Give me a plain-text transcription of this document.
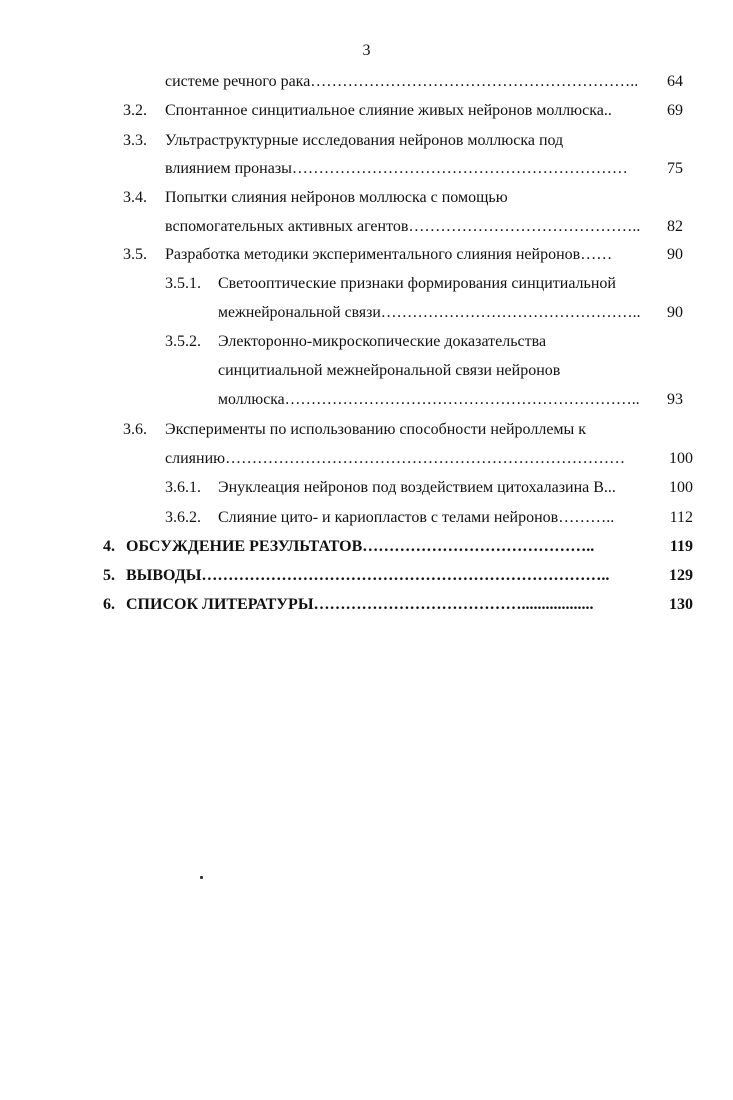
3
системе речного рака……………………………………………………..	64
3.2. Спонтанное синцитиальное слияние живых нейронов моллюска..	69
3.3. Ультраструктурные исследования нейронов моллюска под
влиянием проназы………………………………………………………	75
3.4. Попытки слияния нейронов моллюска с помощью
вспомогательных активных агентов……………………………………..	82
3.5. Разработка методики экспериментального слияния нейронов……	90
3.5.1. Светооптические признаки формирования синцитиальной
межнейрональной связи…………………………………………..	90
3.5.2. Электоронно-микроскопические доказательства
синцитиальной межнейрональной связи нейронов
моллюска…………………………………………………………..	93
3.6. Эксперименты по использованию способности нейроллемы к
слиянию…………………………………………………………………	100
3.6.1. Энуклеация нейронов под воздействием цитохалазина В...	100
3.6.2. Слияние цито- и кариопластов с телами нейронов………..	112
4. ОБСУЖДЕНИЕ РЕЗУЛЬТАТОВ……………………………………..	119
5. ВЫВОДЫ…………………………………………………………………..	129
6. СПИСОК ЛИТЕРАТУРЫ…………………………………..................	130
